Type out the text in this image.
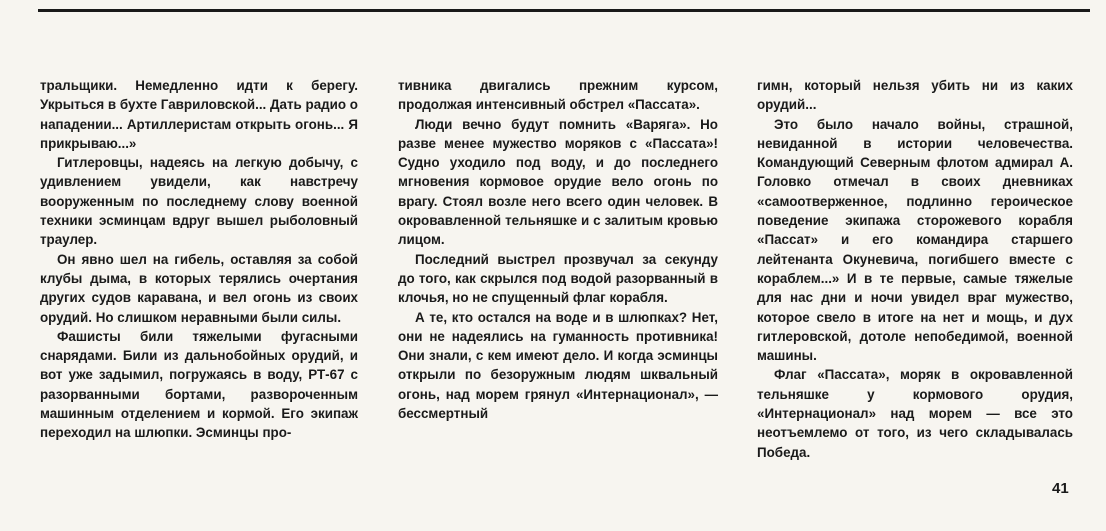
тральщики. Немедленно идти к берегу. Укрыться в бухте Гавриловской... Дать радио о нападении... Артиллеристам открыть огонь... Я прикрываю...»

Гитлеровцы, надеясь на легкую добычу, с удивлением увидели, как навстречу вооруженным по последнему слову военной техники эсминцам вдруг вышел рыболовный траулер.

Он явно шел на гибель, оставляя за собой клубы дыма, в которых терялись очертания других судов каравана, и вел огонь из своих орудий. Но слишком неравными были силы.

Фашисты били тяжелыми фугасными снарядами. Били из дальнобойных орудий, и вот уже задымил, погружаясь в воду, РТ-67 с разорванными бортами, развороченным машинным отделением и кормой. Его экипаж переходил на шлюпки. Эсминцы про-

тивника двигались прежним курсом, продолжая интенсивный обстрел «Пассата».

Люди вечно будут помнить «Варяга». Но разве менее мужество моряков с «Пассата»! Судно уходило под воду, и до последнего мгновения кормовое орудие вело огонь по врагу. Стоял возле него всего один человек. В окровавленной тельняшке и с залитым кровью лицом.

Последний выстрел прозвучал за секунду до того, как скрылся под водой разорванный в клочья, но не спущенный флаг корабля.

А те, кто остался на воде и в шлюпках? Нет, они не надеялись на гуманность противника! Они знали, с кем имеют дело. И когда эсминцы открыли по безоружным людям шквальный огонь, над морем грянул «Интернационал», — бессмертный

гимн, который нельзя убить ни из каких орудий...

Это было начало войны, страшной, невиданной в истории человечества. Командующий Северным флотом адмирал А. Головко отмечал в своих дневниках «самоотверженное, подлинно героическое поведение экипажа сторожевого корабля «Пассат» и его командира старшего лейтенанта Окуневича, погибшего вместе с кораблем...» И в те первые, самые тяжелые для нас дни и ночи увидел враг мужество, которое свело в итоге на нет и мощь, и дух гитлеровской, дотоле непобедимой, военной машины.

Флаг «Пассата», моряк в окровавленной тельняшке у кормового орудия, «Интернационал» над морем — все это неотъемлемо от того, из чего складывалась Победа.

41
